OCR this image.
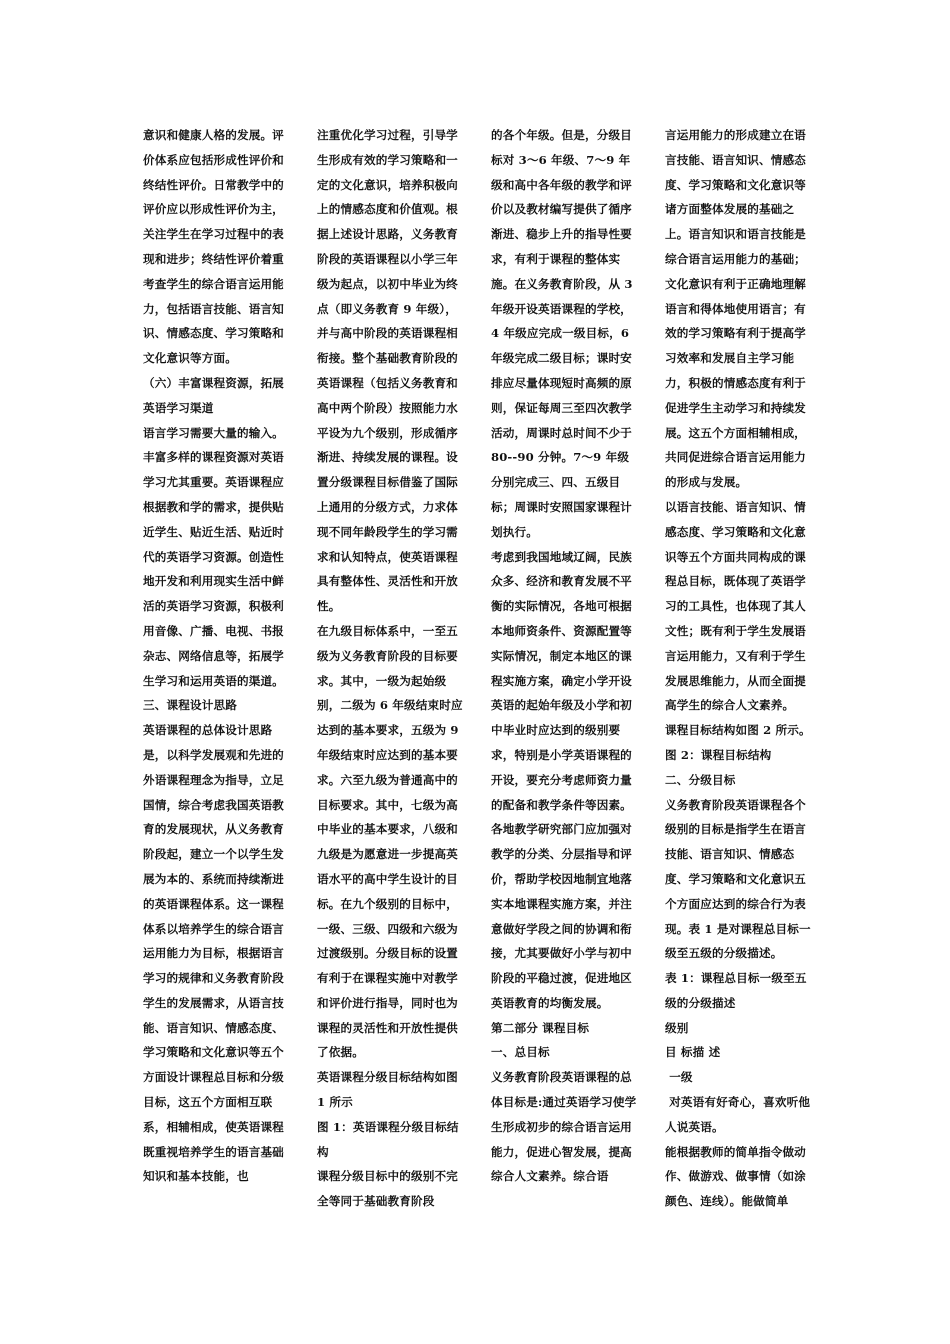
意识和健康人格的发展。评价体系应包括形成性评价和终结性评价。日常教学中的评价应以形成性评价为主，关注学生在学习过程中的表现和进步；终结性评价着重考查学生的综合语言运用能力，包括语言技能、语言知识、情感态度、学习策略和文化意识等方面。

（六）丰富课程资源，拓展英语学习渠道

语言学习需要大量的输入。丰富多样的课程资源对英语学习尤其重要。英语课程应根据教和学的需求，提供贴近学生、贴近生活、贴近时代的英语学习资源。创造性地开发和利用现实生活中鲜活的英语学习资源，积极利用音像、广播、电视、书报杂志、网络信息等，拓展学生学习和运用英语的渠道。

三、课程设计思路

英语课程的总体设计思路是，以科学发展观和先进的外语课程理念为指导，立足国情，综合考虑我国英语教育的发展现状，从义务教育阶段起，建立一个以学生发展为本的、系统而持续渐进的英语课程体系。这一课程体系以培养学生的综合语言运用能力为目标，根据语言学习的规律和义务教育阶段学生的发展需求，从语言技能、语言知识、情感态度、学习策略和文化意识等五个方面设计课程总目标和分级目标，这五个方面相互联系，相辅相成，使英语课程既重视培养学生的语言基础知识和基本技能，也

注重优化学习过程，引导学生形成有效的学习策略和一定的文化意识，培养积极向上的情感态度和价值观。根据上述设计思路，义务教育阶段的英语课程以小学三年级为起点，以初中毕业为终点（即义务教育 9 年级），并与高中阶段的英语课程相衔接。整个基础教育阶段的英语课程（包括义务教育和高中两个阶段）按照能力水平设为九个级别，形成循序渐进、持续发展的课程。设置分级课程目标借鉴了国际上通用的分级方式，力求体现不同年龄段学生的学习需求和认知特点，使英语课程具有整体性、灵活性和开放性。

在九级目标体系中，一至五级为义务教育阶段的目标要求。其中，一级为起始级别，二级为 6 年级结束时应达到的基本要求，五级为 9 年级结束时应达到的基本要求。六至九级为普通高中的目标要求。其中，七级为高中毕业的基本要求，八级和九级是为愿意进一步提高英语水平的高中学生设计的目标。在九个级别的目标中，一级、三级、四级和六级为过渡级别。分级目标的设置有利于在课程实施中对教学和评价进行指导，同时也为课程的灵活性和开放性提供了依据。

英语课程分级目标结构如图 1 所示

图 1：英语课程分级目标结构

课程分级目标中的级别不完全等同于基础教育阶段

的各个年级。但是，分级目标对 3～6 年级、7～9 年级和高中各年级的教学和评价以及教材编写提供了循序渐进、稳步上升的指导性要求，有利于课程的整体实施。在义务教育阶段，从 3 年级开设英语课程的学校，4 年级应完成一级目标，6 年级完成二级目标；课时安排应尽量体现短时高频的原则，保证每周三至四次教学活动，周课时总时间不少于 80--90 分钟。7～9 年级分别完成三、四、五级目标；周课时安照国家课程计划执行。

考虑到我国地域辽阔，民族众多、经济和教育发展不平衡的实际情况，各地可根据本地师资条件、资源配置等实际情况，制定本地区的课程实施方案，确定小学开设英语的起始年级及小学和初中毕业时应达到的级别要求，特别是小学英语课程的开设，要充分考虑师资力量的配备和教学条件等因素。各地教学研究部门应加强对教学的分类、分层指导和评价，帮助学校因地制宜地落实本地课程实施方案，并注意做好学段之间的协调和衔接，尤其要做好小学与初中阶段的平稳过渡，促进地区英语教育的均衡发展。

第二部分 课程目标

一、总目标

义务教育阶段英语课程的总体目标是:通过英语学习使学生形成初步的综合语言运用能力，促进心智发展，提高综合人文素养。综合语

言运用能力的形成建立在语言技能、语言知识、情感态度、学习策略和文化意识等诸方面整体发展的基础之上。语言知识和语言技能是综合语言运用能力的基础；文化意识有利于正确地理解语言和得体地使用语言；有效的学习策略有利于提高学习效率和发展自主学习能力，积极的情感态度有利于促进学生主动学习和持续发展。这五个方面相辅相成，共同促进综合语言运用能力的形成与发展。

以语言技能、语言知识、情感态度、学习策略和文化意识等五个方面共同构成的课程总目标，既体现了英语学习的工具性，也体现了其人文性；既有利于学生发展语言运用能力，又有利于学生发展思维能力，从而全面提高学生的综合人文素养。

课程目标结构如图 2 所示。

图 2：课程目标结构

二、分级目标

义务教育阶段英语课程各个级别的目标是指学生在语言技能、语言知识、情感态度、学习策略和文化意识五个方面应达到的综合行为表现。表 1 是对课程总目标一级至五级的分级描述。

表 1：课程总目标一级至五级的分级描述

级别

目 标描 述

一级

对英语有好奇心，喜欢听他人说英语。

能根据教师的简单指令做动作、做游戏、做事情（如涂颜色、连线）。能做简单
